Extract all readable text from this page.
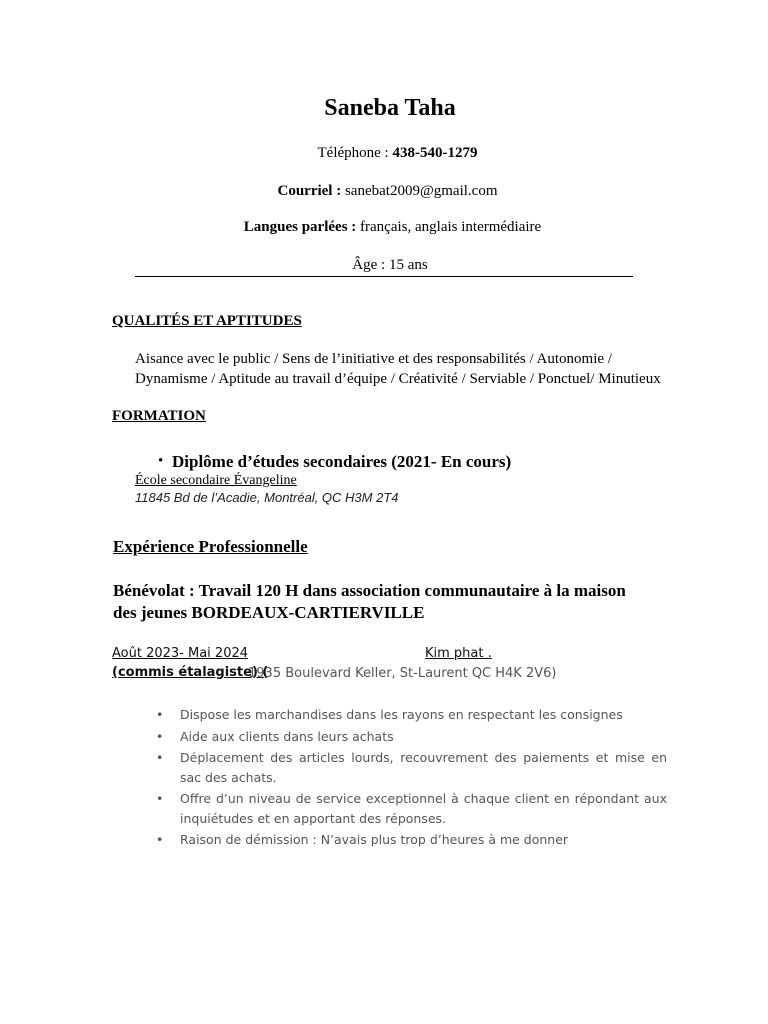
Saneba Taha
Téléphone : 438-540-1279
Courriel : sanebat2009@gmail.com
Langues parlées : français, anglais intermédiaire
Âge : 15 ans
QUALITÉS ET APTITUDES
Aisance avec le public / Sens de l’initiative et des responsabilités / Autonomie /
Dynamisme / Aptitude au travail d’équipe / Créativité / Serviable / Ponctuel/ Minutieux
FORMATION
• Diplôme d’études secondaires (2021- En cours)
École secondaire Évangeline
11845 Bd de l’Acadie, Montréal, QC H3M 2T4
Expérience Professionnelle
Bénévolat : Travail 120 H dans association communautaire à la maison
des jeunes BORDEAUX-CARTIERVILLE
Août 2023- Mai 2024	Kim phat .
(commis étalagiste) (
1935 Boulevard Keller, St-Laurent QC H4K 2V6)
• Dispose les marchandises dans les rayons en respectant les consignes
• Aide aux clients dans leurs achats
• Déplacement des articles lourds, recouvrement des paiements et mise en sac des achats.
• Offre d’un niveau de service exceptionnel à chaque client en répondant aux inquiétudes et en apportant des réponses.
• Raison de démission : N’avais plus trop d’heures à me donner
